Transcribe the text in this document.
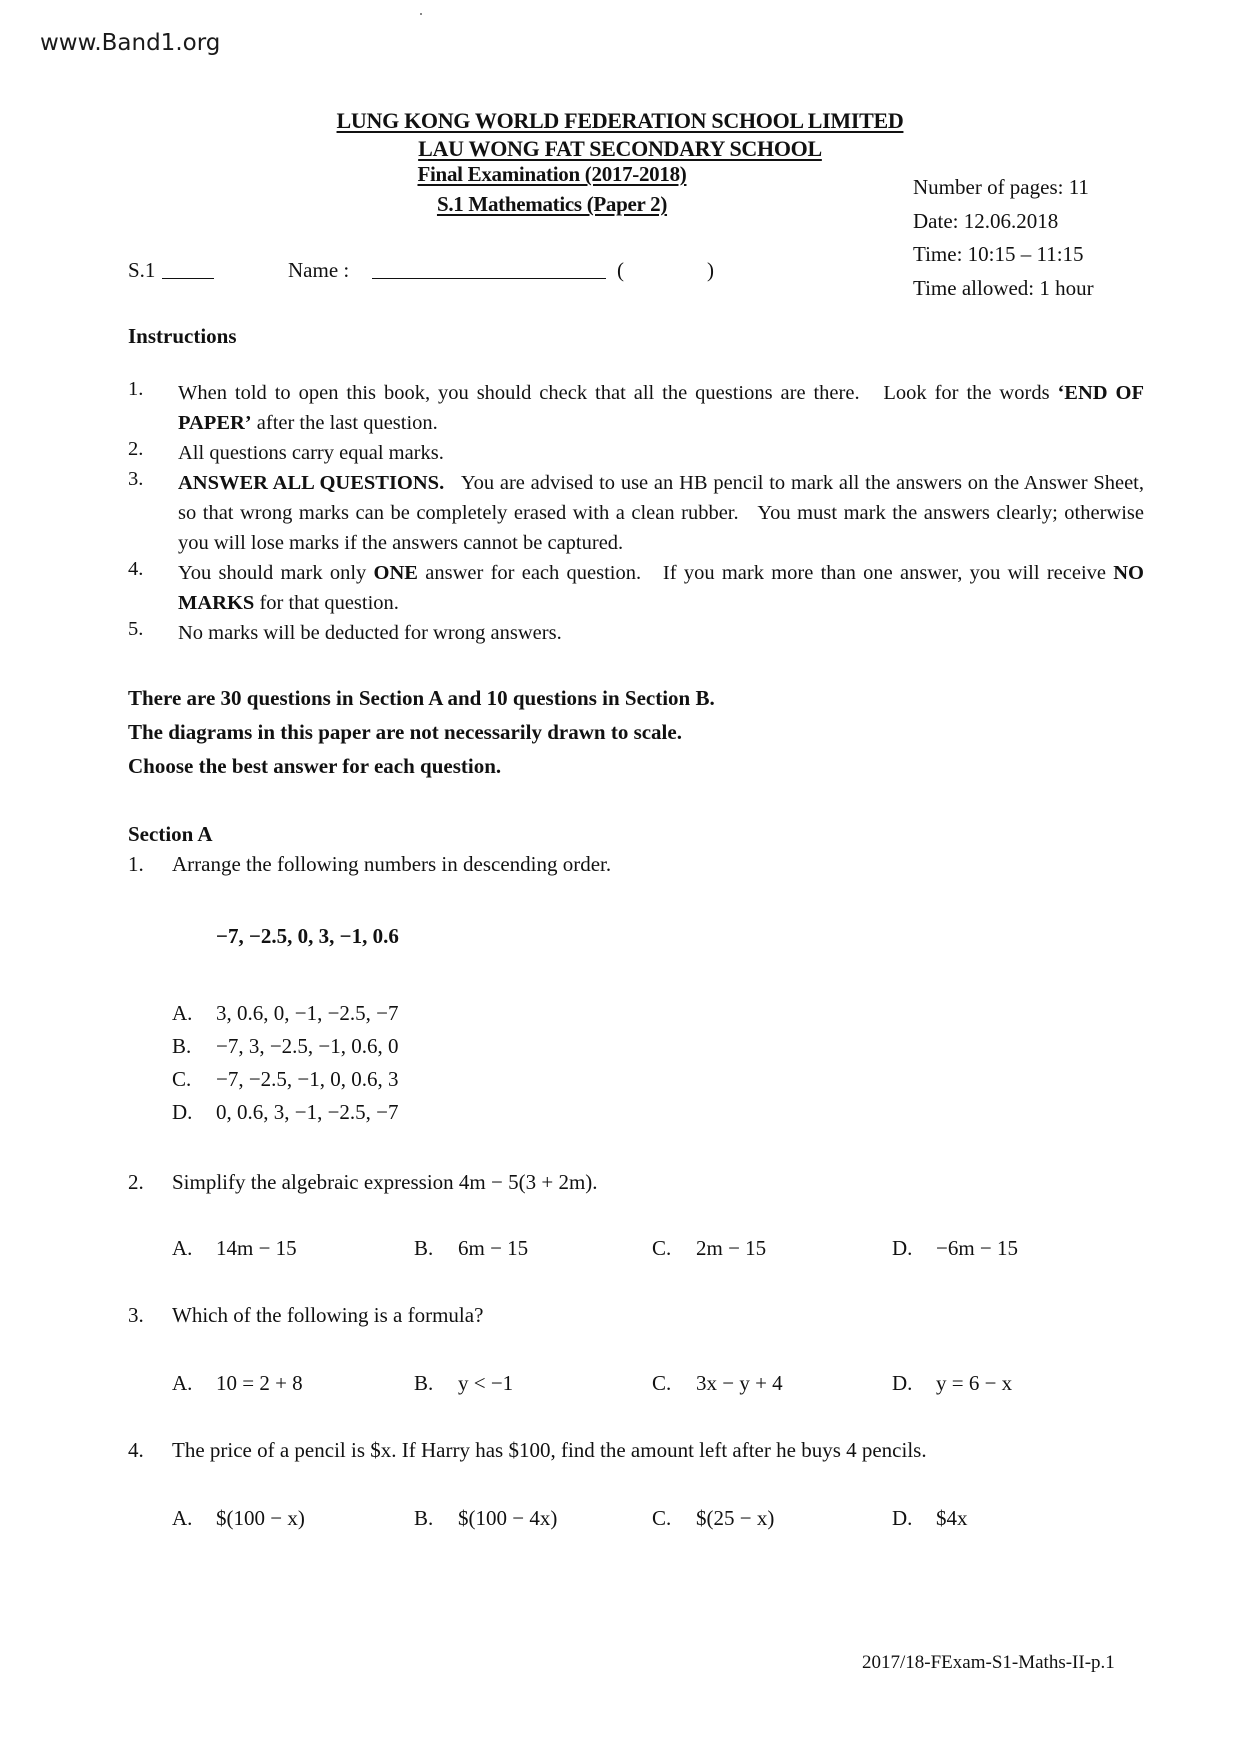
www.Band1.org
LUNG KONG WORLD FEDERATION SCHOOL LIMITED
LAU WONG FAT SECONDARY SCHOOL
Final Examination (2017-2018)
S.1 Mathematics (Paper 2)
Number of pages: 11
Date: 12.06.2018
Time: 10:15 – 11:15
Time allowed: 1 hour
S.1	Name :	(	)
Instructions
1.	When told to open this book, you should check that all the questions are there.   Look for the words ‘END OF PAPER’ after the last question.
2.	All questions carry equal marks.
3.	ANSWER ALL QUESTIONS.   You are advised to use an HB pencil to mark all the answers on the Answer Sheet, so that wrong marks can be completely erased with a clean rubber.   You must mark the answers clearly; otherwise you will lose marks if the answers cannot be captured.
4.	You should mark only ONE answer for each question.   If you mark more than one answer, you will receive NO MARKS for that question.
5.	No marks will be deducted for wrong answers.
There are 30 questions in Section A and 10 questions in Section B.
The diagrams in this paper are not necessarily drawn to scale.
Choose the best answer for each question.
Section A
1. Arrange the following numbers in descending order.
−7, −2.5, 0, 3, −1, 0.6
A. 3, 0.6, 0, −1, −2.5, −7
B. −7, 3, −2.5, −1, 0.6, 0
C. −7, −2.5, −1, 0, 0.6, 3
D. 0, 0.6, 3, −1, −2.5, −7
2. Simplify the algebraic expression 4m − 5(3 + 2m).
A. 14m − 15	B. 6m − 15	C. 2m − 15	D. −6m − 15
3. Which of the following is a formula?
A. 10 = 2 + 8	B. y < −1	C. 3x − y + 4	D. y = 6 − x
4. The price of a pencil is $x. If Harry has $100, find the amount left after he buys 4 pencils.
A. $(100 − x)	B. $(100 − 4x)	C. $(25 − x)	D. $4x
2017/18-FExam-S1-Maths-II-p.1
